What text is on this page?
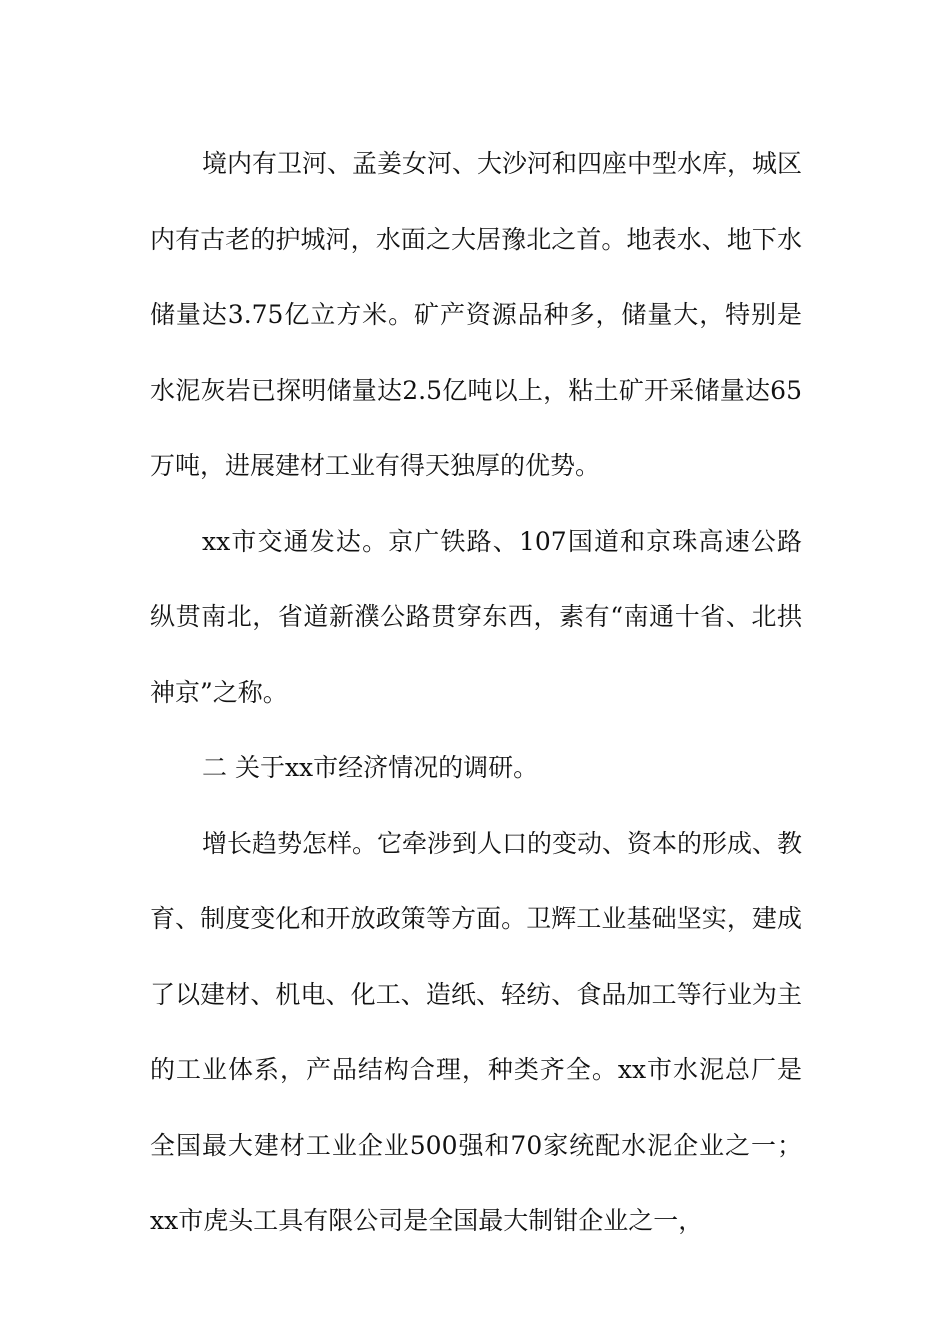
境内有卫河、孟姜女河、大沙河和四座中型水库，城区内有古老的护城河，水面之大居豫北之首。地表水、地下水储量达3.75亿立方米。矿产资源品种多，储量大，特别是水泥灰岩已探明储量达2.5亿吨以上，粘土矿开采储量达65万吨，进展建材工业有得天独厚的优势。

xx市交通发达。京广铁路、107国道和京珠高速公路纵贯南北，省道新濮公路贯穿东西，素有“南通十省、北拱神京”之称。

二 关于xx市经济情况的调研。

增长趋势怎样。它牵涉到人口的变动、资本的形成、教育、制度变化和开放政策等方面。卫辉工业基础坚实，建成了以建材、机电、化工、造纸、轻纺、食品加工等行业为主的工业体系，产品结构合理，种类齐全。xx市水泥总厂是全国最大建材工业企业500强和70家统配水泥企业之一；xx市虎头工具有限公司是全国最大制钳企业之一，
